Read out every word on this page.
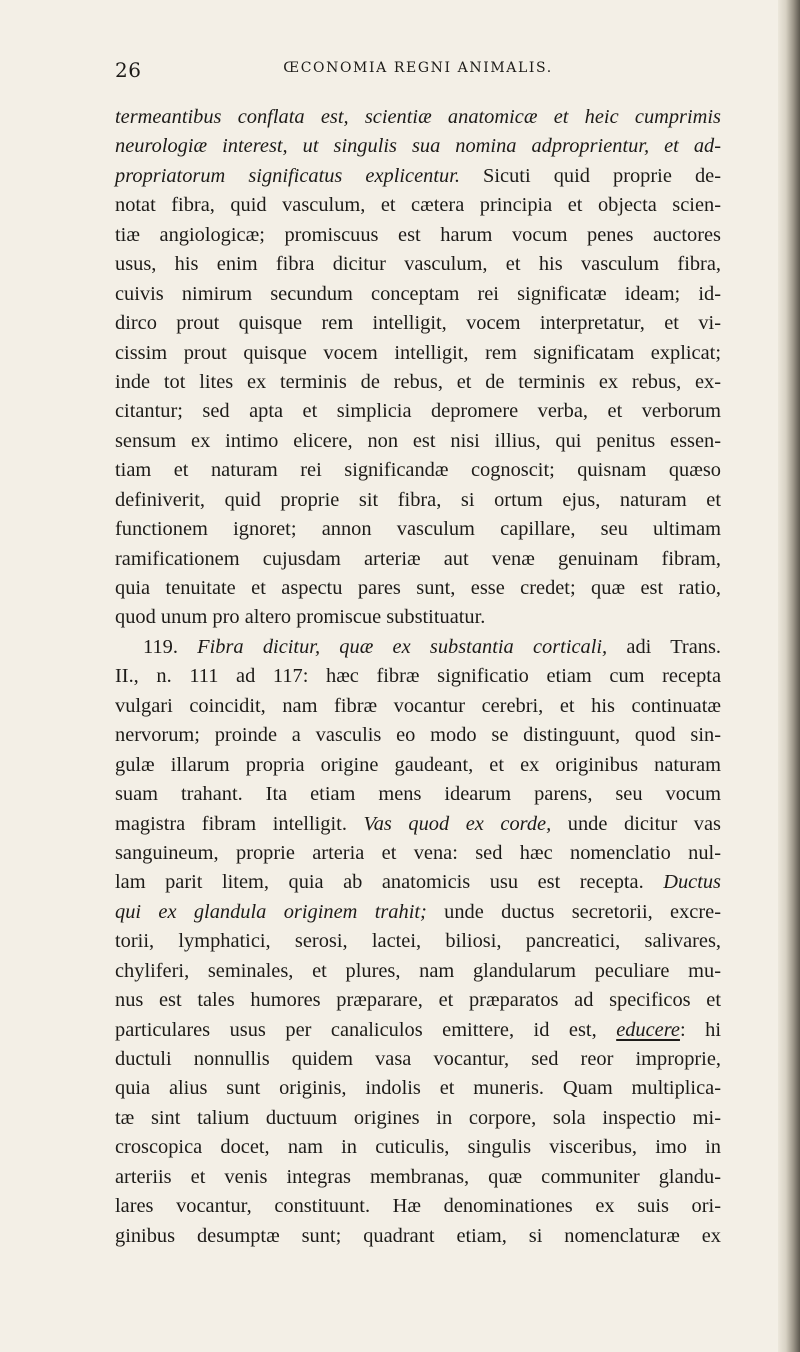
26	ŒCONOMIA REGNI ANIMALIS.
termeantibus conflata est, scientiæ anatomicæ et heic cumprimis
neurologiæ interest, ut singulis sua nomina adproprientur, et ad-
propriatorum significatus explicentur. Sicuti quid proprie de-
notat fibra, quid vasculum, et cætera principia et objecta scien-
tiæ angiologicæ; promiscuus est harum vocum penes auctores
usus, his enim fibra dicitur vasculum, et his vasculum fibra,
cuivis nimirum secundum conceptam rei significatæ ideam; id-
dirco prout quisque rem intelligit, vocem interpretatur, et vi-
cissim prout quisque vocem intelligit, rem significatam explicat;
inde tot lites ex terminis de rebus, et de terminis ex rebus, ex-
citantur; sed apta et simplicia depromere verba, et verborum
sensum ex intimo elicere, non est nisi illius, qui penitus essen-
tiam et naturam rei significandæ cognoscit; quisnam quæso
definiverit, quid proprie sit fibra, si ortum ejus, naturam et
functionem ignoret; annon vasculum capillare, seu ultimam
ramificationem cujusdam arteriæ aut venæ genuinam fibram,
quia tenuitate et aspectu pares sunt, esse credet; quæ est ratio,
quod unum pro altero promiscue substituatur.
119. Fibra dicitur, quæ ex substantia corticali, adi Trans.
II., n. 111 ad 117: hæc fibræ significatio etiam cum recepta
vulgari coincidit, nam fibræ vocantur cerebri, et his continuatæ
nervorum; proinde a vasculis eo modo se distinguunt, quod sin-
gulæ illarum propria origine gaudeant, et ex originibus naturam
suam trahant. Ita etiam mens idearum parens, seu vocum
magistra fibram intelligit. Vas quod ex corde, unde dicitur vas
sanguineum, proprie arteria et vena: sed hæc nomenclatio nul-
lam parit litem, quia ab anatomicis usu est recepta. Ductus
qui ex glandula originem trahit; unde ductus secretorii, excre-
torii, lymphatici, serosi, lactei, biliosi, pancreatici, salivares,
chyliferi, seminales, et plures, nam glandularum peculiare mu-
nus est tales humores præparare, et præparatos ad specificos et
particulares usus per canaliculos emittere, id est, educere: hi
ductuli nonnullis quidem vasa vocantur, sed reor improprie,
quia alius sunt originis, indolis et muneris. Quam multiplica-
tæ sint talium ductuum origines in corpore, sola inspectio mi-
croscopica docet, nam in cuticulis, singulis visceribus, imo in
arteriis et venis integras membranas, quæ communiter glandu-
lares vocantur, constituunt. Hæ denominationes ex suis ori-
ginibus desumptæ sunt; quadrant etiam, si nomenclaturæ ex
